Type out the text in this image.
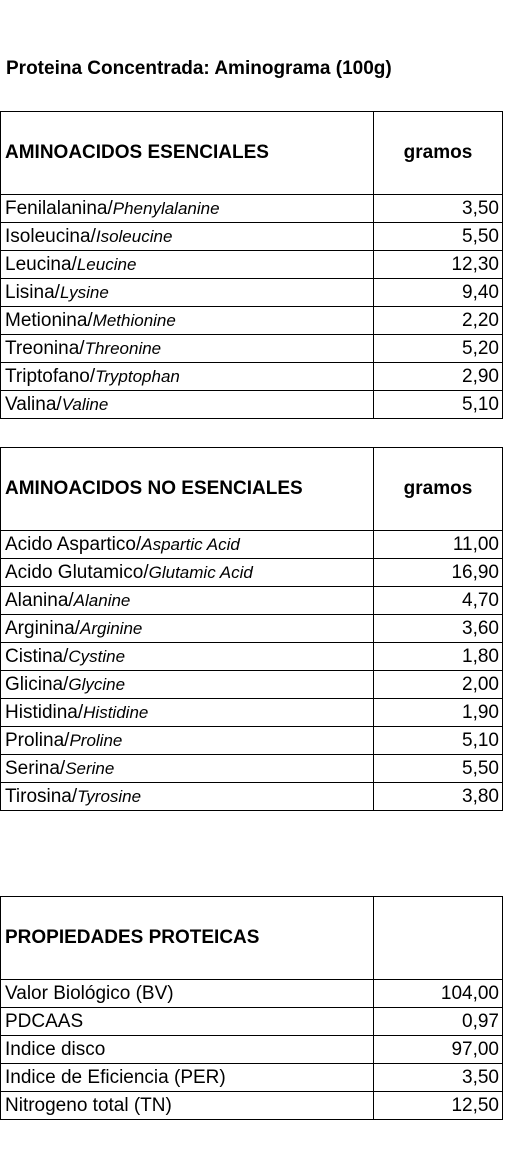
Proteina Concentrada: Aminograma (100g)
AMINOACIDOS ESENCIALES	gramos
Fenilalanina/Phenylalanine	3,50
Isoleucina/Isoleucine	5,50
Leucina/Leucine	12,30
Lisina/Lysine	9,40
Metionina/Methionine	2,20
Treonina/Threonine	5,20
Triptofano/Tryptophan	2,90
Valina/Valine	5,10
AMINOACIDOS NO ESENCIALES	gramos
Acido Aspartico/Aspartic Acid	11,00
Acido Glutamico/Glutamic Acid	16,90
Alanina/Alanine	4,70
Arginina/Arginine	3,60
Cistina/Cystine	1,80
Glicina/Glycine	2,00
Histidina/Histidine	1,90
Prolina/Proline	5,10
Serina/Serine	5,50
Tirosina/Tyrosine	3,80
PROPIEDADES PROTEICAS	
Valor Biológico (BV)	104,00
PDCAAS	0,97
Indice disco	97,00
Indice de Eficiencia (PER)	3,50
Nitrogeno total (TN)	12,50
